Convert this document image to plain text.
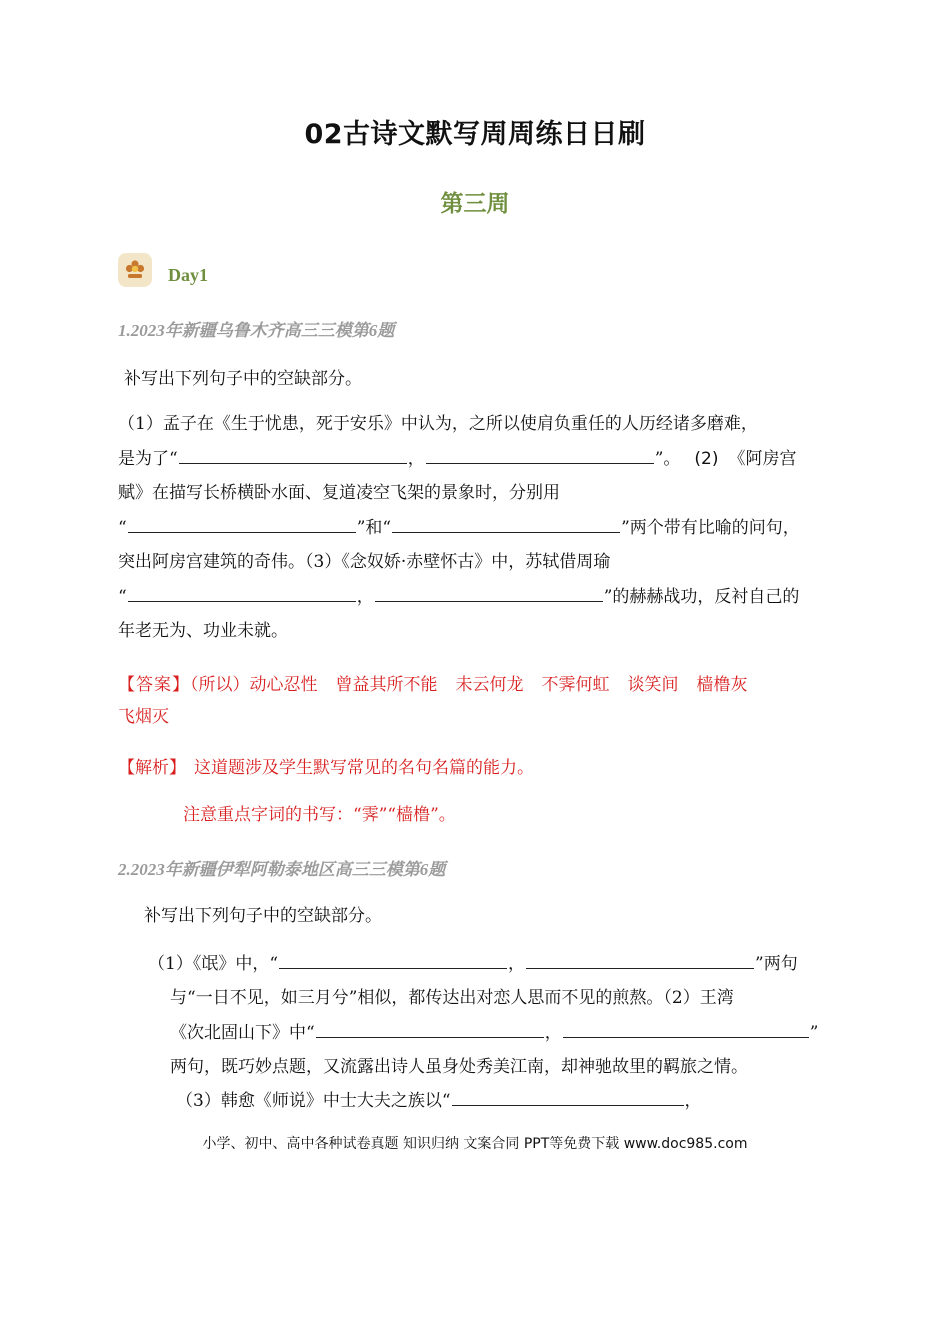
02古诗文默写周周练日日刷
第三周
Day1
1.2023年新疆乌鲁木齐高三三模第6题
补写出下列句子中的空缺部分。
（1）孟子在《生于忧患，死于安乐》中认为，之所以使肩负重任的人历经诸多磨难，
是为了“	，	”。 (2) 《阿房宫
赋》在描写长桥横卧水面、复道凌空飞架的景象时，分别用
“	”和“	”两个带有比喻的问句，
突出阿房宫建筑的奇伟。（3）《念奴娇·赤壁怀古》中，苏轼借周瑜
“	，	”的赫赫战功，反衬自己的
年老无为、功业未就。
【答案】（所以）动心忍性 曾益其所不能 未云何龙 不霁何虹 谈笑间 樯橹灰
飞烟灭
【解析】 这道题涉及学生默写常见的名句名篇的能力。
注意重点字词的书写：“霁”“樯橹”。
2.2023年新疆伊犁阿勒泰地区高三三模第6题
补写出下列句子中的空缺部分。
（1）《氓》中，“	，	”两句
与“一日不见，如三月兮”相似，都传达出对恋人思而不见的煎熬。（2）王湾
《次北固山下》中“	，	”
两句，既巧妙点题，又流露出诗人虽身处秀美江南，却神驰故里的羁旅之情。
（3）韩愈《师说》中士大夫之族以“	，
小学、初中、高中各种试卷真题 知识归纳 文案合同 PPT等免费下载 www.doc985.com
